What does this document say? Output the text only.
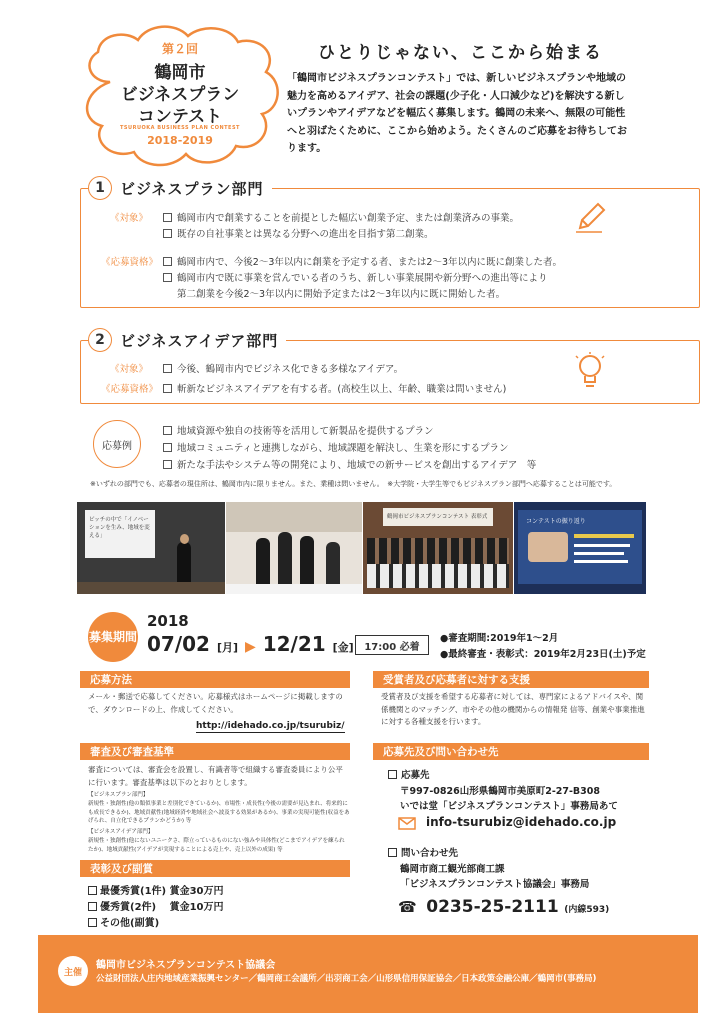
第２回
鶴岡市
ビジネスプラン
コンテスト
TSURUOKA BUSINESS PLAN CONTEST
2018-2019
ひとりじゃない、ここから始まる
「鶴岡市ビジネスプランコンテスト」では、新しいビジネスプランや地域の魅力を高めるアイデア、社会の課題(少子化・人口減少など)を解決する新しいプランやアイデアなどを幅広く募集します。鶴岡の未来へ、無限の可能性へと羽ばたくために、ここから始めよう。たくさんのご応募をお待ちしております。
1	ビジネスプラン部門
《対象》	鶴岡市内で創業することを前提とした幅広い創業予定、または創業済みの事業。
既存の自社事業とは異なる分野への進出を目指す第二創業。
《応募資格》	鶴岡市内で、今後2〜3年以内に創業を予定する者、または2〜3年以内に既に創業した者。
鶴岡市内で既に事業を営んでいる者のうち、新しい事業展開や新分野への進出等により
第二創業を今後2〜3年以内に開始予定または2〜3年以内に既に開始した者。
2	ビジネスアイデア部門
《対象》	今後、鶴岡市内でビジネス化できる多様なアイデア。
《応募資格》	斬新なビジネスアイデアを有する者。(高校生以上、年齢、職業は問いません)
応募例
地域資源や独自の技術等を活用して新製品を提供するプラン
地域コミュニティと連携しながら、地域課題を解決し、生業を形にするプラン
新たな手法やシステム等の開発により、地域での新サービスを創出するアイデア　等
※いずれの部門でも、応募者の現住所は、鶴岡市内に限りません。また、業種は問いません。　※大学院・大学生等でもビジネスプラン部門へ応募することは可能です。
ピッチの中で「イノベーションを生み、地域を変える」
鶴岡市ビジネスプランコンテスト 表彰式
コンテストの振り返り
募集期間
2018
07/02 [月] ▶ 12/21 [金]	17:00 必着
●審査期間:2019年1〜2月
●最終審査・表彰式：2019年2月23日(土)予定
応募方法
メール・郵送で応募してください。応募様式はホームページに掲載しますので、ダウンロードの上、作成してください。
http://idehado.co.jp/tsurubiz/
審査及び審査基準
審査については、審査会を設置し、有識者等で組織する審査委員により公平に行います。審査基準は以下のとおりとします。
【ビジネスプラン部門】
新規性・独創性(他の類似事業と差別化できているか)、市場性・成長性(今後の需要が見込まれ、将来的にも成長できるか)、地域貢献性(地域経済や地域社会へ波及する効果があるか)、事業の実現可能性(収益をあげられ、自立化できるプランかどうか) 等
【ビジネスアイデア部門】
新規性・独創性(他にないユニークさ、際立っているものにない強みや具体性(どこまでアイデアを練られたか)、地域貢献性(アイデアが実現することによる売上や、売上以外の成果) 等
表彰及び副賞
最優秀賞(1件) 賞金30万円
優秀賞(2件)　 賞金10万円
その他(副賞)
受賞者及び応募者に対する支援
受賞者及び支援を希望する応募者に対しては、専門家によるアドバイスや、関係機関とのマッチング、市やその他の機関からの情報発 信等、創業や事業推進に対する各種支援を行います。
応募先及び問い合わせ先
応募先
〒997-0826山形県鶴岡市美原町2-27-B308
いでは堂「ビジネスプランコンテスト」事務局あて
info-tsurubiz@idehado.co.jp
問い合わせ先
鶴岡市商工観光部商工課
「ビジネスプランコンテスト協議会」事務局
☎ 0235-25-2111 (内線593)
主催
鶴岡市ビジネスプランコンテスト協議会
公益財団法人庄内地域産業振興センター／鶴岡商工会議所／出羽商工会／山形県信用保証協会／日本政策金融公庫／鶴岡市(事務局)
